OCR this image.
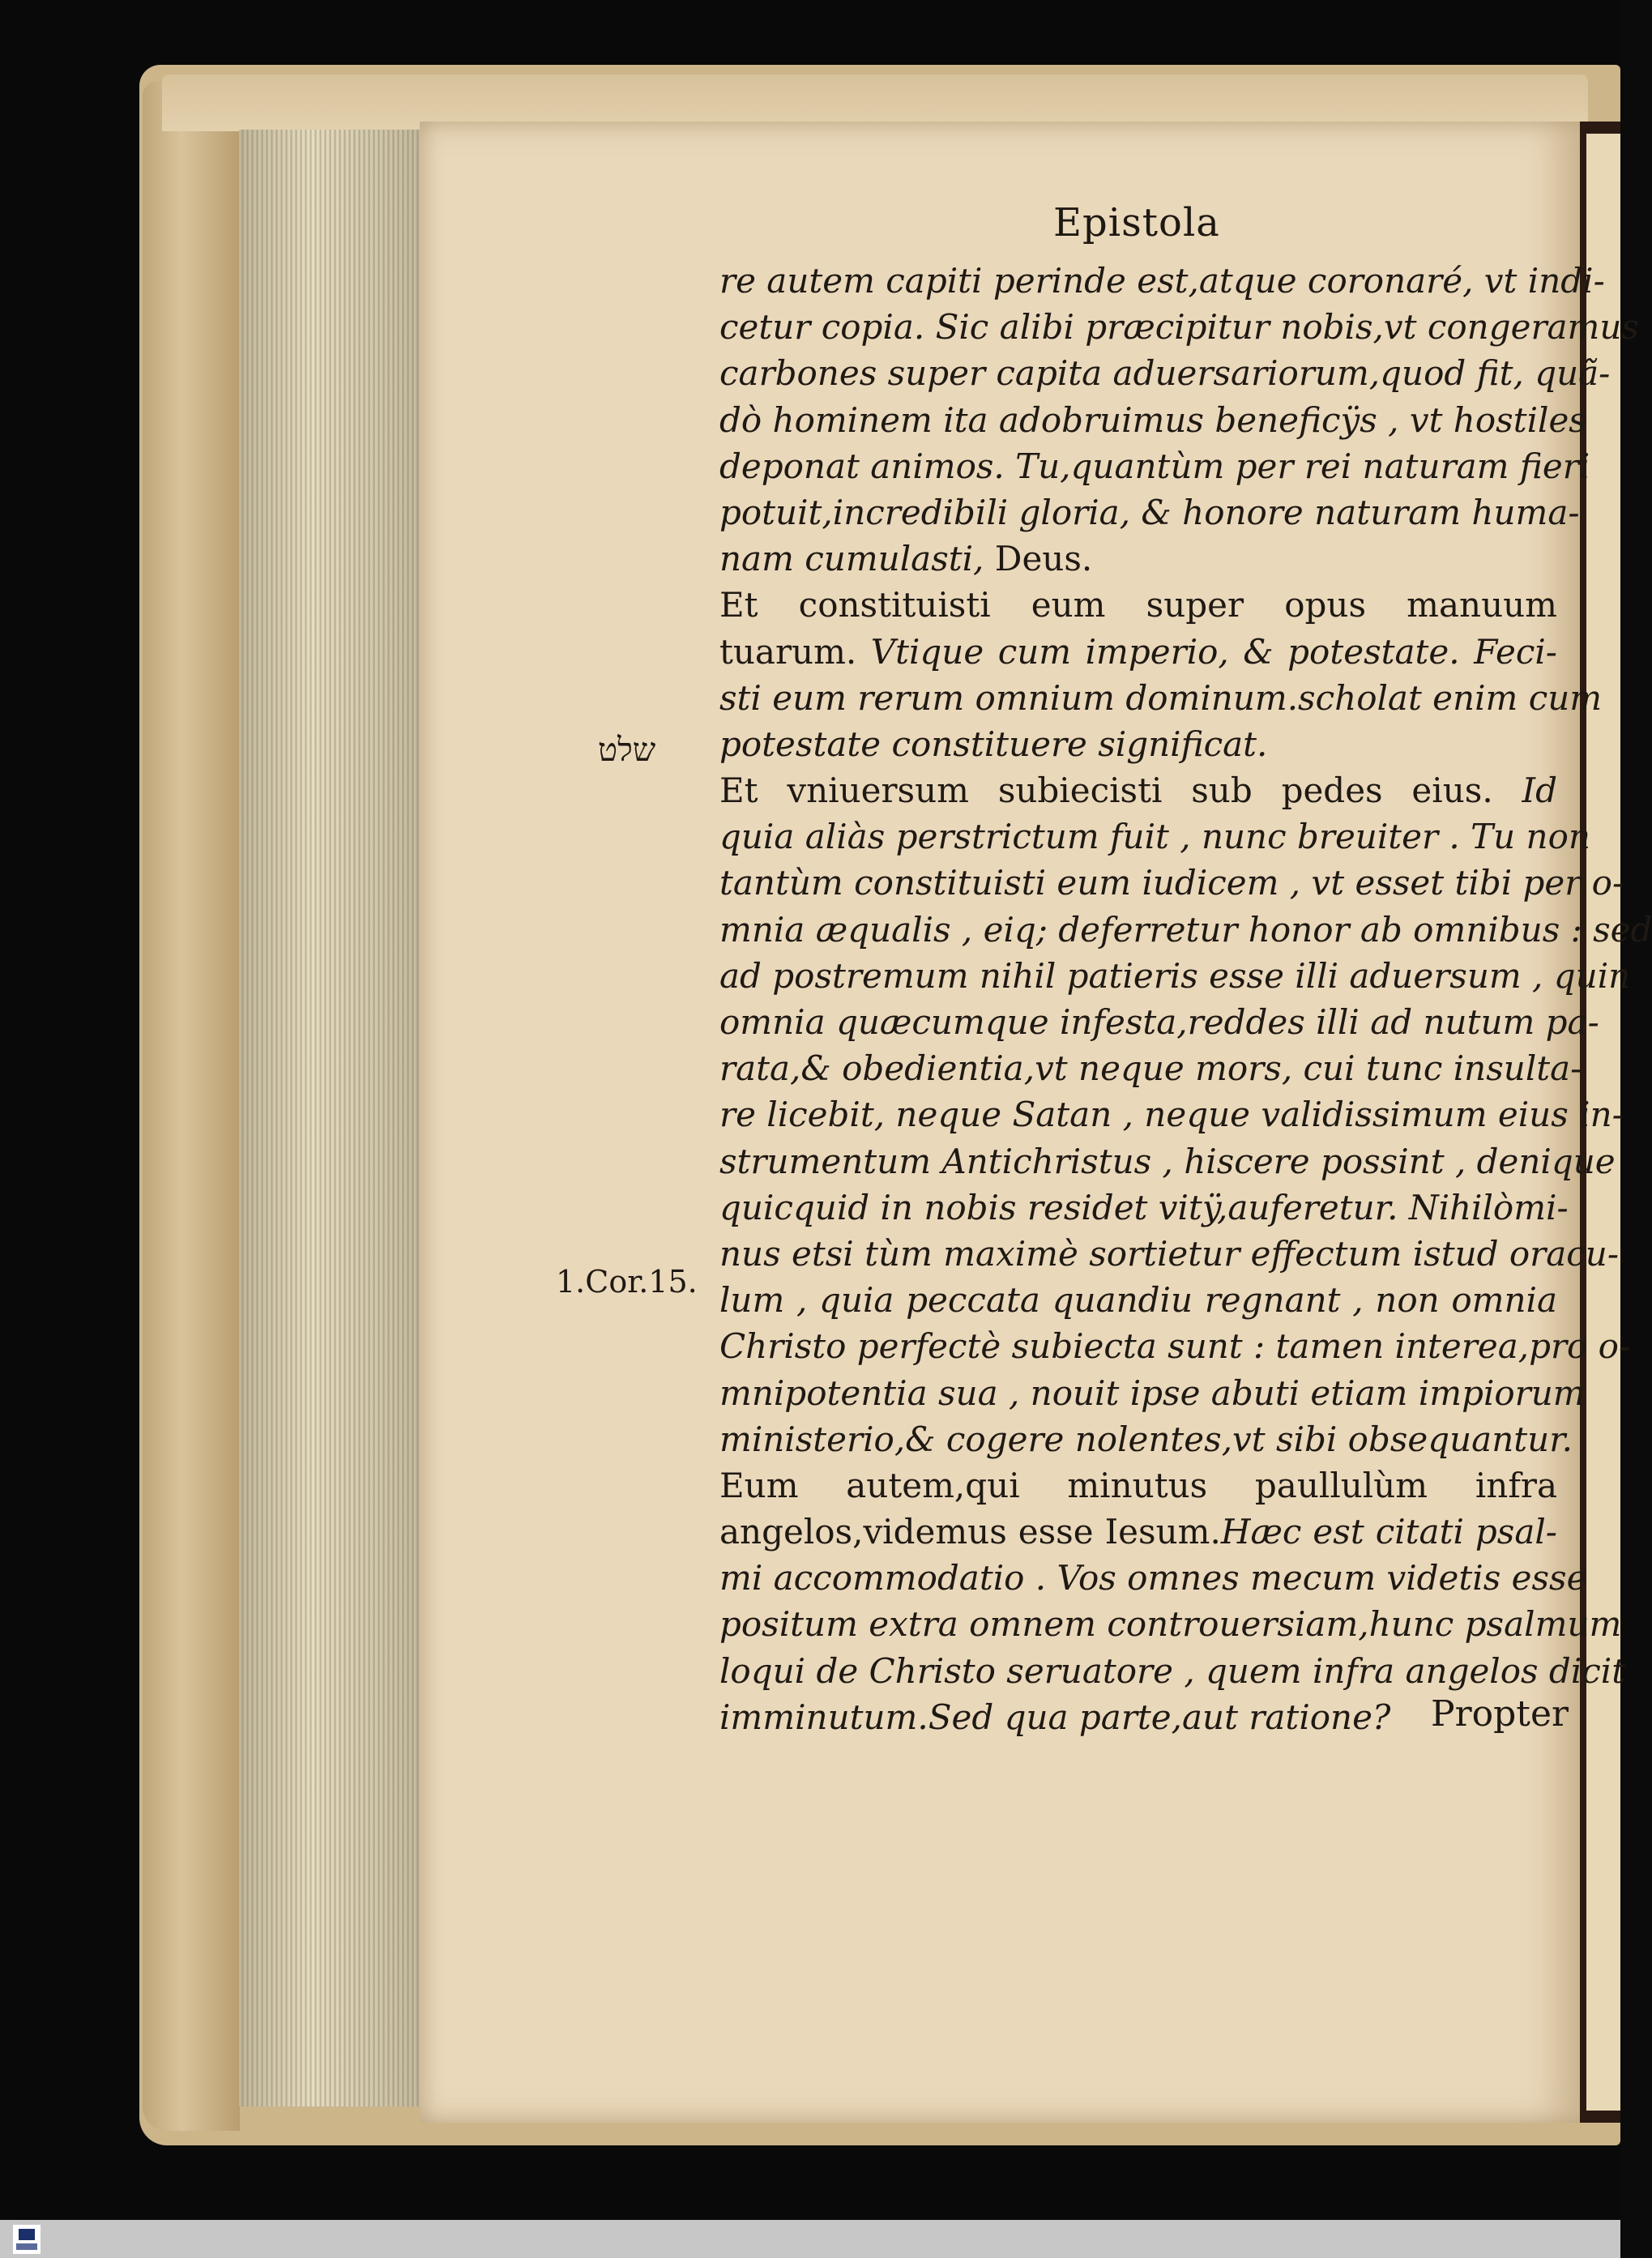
Epistola
re autem capiti perinde est,atque coronaré, vt indi-
cetur copia. Sic alibi præcipitur nobis,vt congeramus
carbones super capita aduersariorum,quod fit, quã-
dò hominem ita adobruimus beneficÿs , vt hostiles
deponat animos. Tu,quantùm per rei naturam fieri
potuit,incredibili gloria, & honore naturam huma-
nam cumulasti, Deus.
Et constituisti eum super opus manuum
tuarum. Vtique cum imperio, & potestate. Feci-
sti eum rerum omnium dominum.scholat enim cum
potestate constituere significat.
Et vniuersum subiecisti sub pedes eius. Id
quia aliàs perstrictum fuit , nunc breuiter . Tu non
tantùm constituisti eum iudicem , vt esset tibi per o-
mnia æqualis , eiq; deferretur honor ab omnibus : sed
ad postremum nihil patieris esse illi aduersum , quin
omnia quæcumque infesta,reddes illi ad nutum pa-
rata,& obedientia,vt neque mors, cui tunc insulta-
re licebit, neque Satan , neque validissimum eius in-
strumentum Antichristus , hiscere possint , denique
quicquid in nobis residet vitÿ,auferetur. Nihilòmi-
nus etsi tùm maximè sortietur effectum istud oracu-
lum , quia peccata quandiu regnant , non omnia
Christo perfectè subiecta sunt : tamen interea,pro o-
mnipotentia sua , nouit ipse abuti etiam impiorum
ministerio,& cogere nolentes,vt sibi obsequantur.
Eum autem,qui minutus paullulùm infra
angelos,videmus esse Iesum.Hæc est citati psal-
mi accommodatio . Vos omnes mecum videtis esse
positum extra omnem controuersiam,hunc psalmum
loqui de Christo seruatore , quem infra angelos dicit
imminutum.Sed qua parte,aut ratione?
שלט
1.Cor.15.
Propter
